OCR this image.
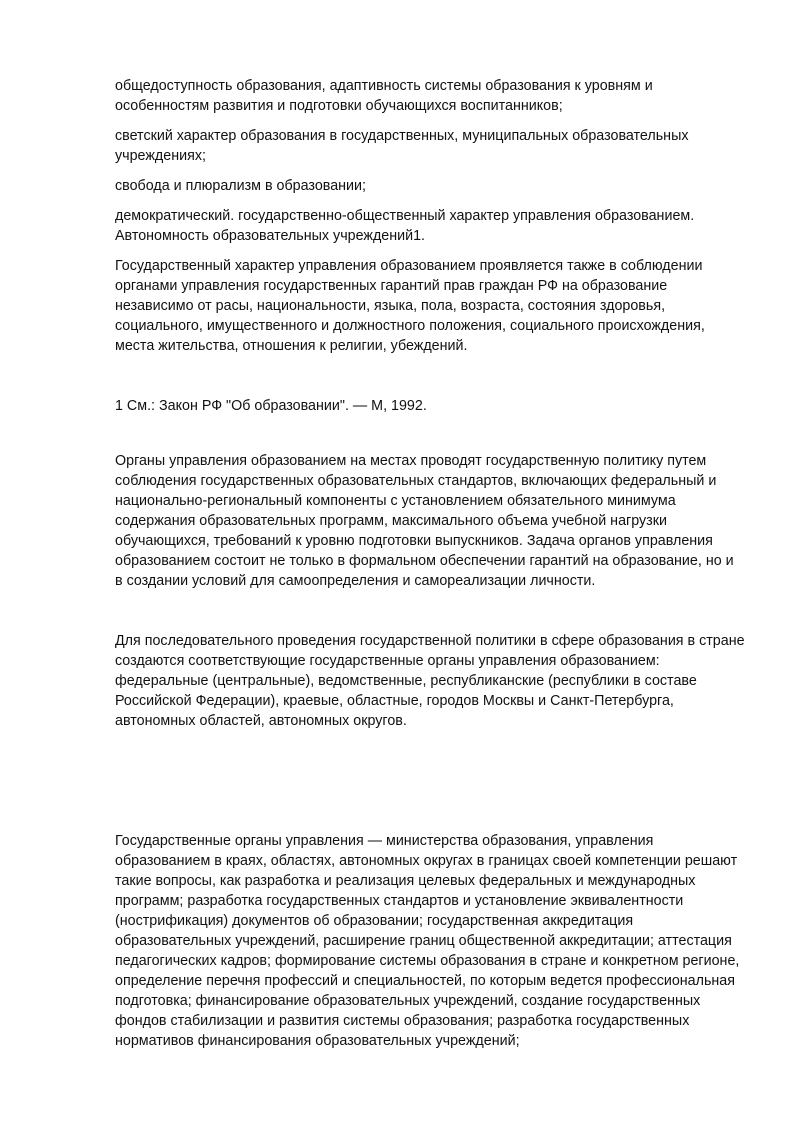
общедоступность образования, адаптивность системы образования к уровням и особенностям развития и подготовки обучающихся воспитанников;

светский характер образования в государственных, муниципальных образовательных учреждениях;

свобода и плюрализм в образовании;

демократический. государственно-общественный характер управления образованием. Автономность образовательных учреждений1.

Государственный характер управления образованием проявляется также в соблюдении органами управления государственных гарантий прав граждан РФ на образование независимо от расы, национальности, языка, пола, возраста, состояния здоровья, социального, имущественного и должностного положения, социального происхождения, места жительства, отношения к религии, убеждений.

1 См.: Закон РФ "Об образовании". — М, 1992.

Органы управления образованием на местах проводят государственную политику путем соблюдения государственных образовательных стандартов, включающих федеральный и национально-региональный компоненты с установлением обязательного минимума содержания образовательных программ, максимального объема учебной нагрузки обучающихся, требований к уровню подготовки выпускников. Задача органов управления образованием состоит не только в формальном обеспечении гарантий на образование, но и в создании условий для самоопределения и самореализации личности.

Для последовательного проведения государственной политики в сфере образования в стране создаются соответствующие государственные органы управления образованием: федеральные (центральные), ведомственные, республиканские (республики в составе Российской Федерации), краевые, областные, городов Москвы и Санкт-Петербурга, автономных областей, автономных округов.

Государственные органы управления — министерства образования, управления образованием в краях, областях, автономных округах в границах своей компетенции решают такие вопросы, как разработка и реализация целевых федеральных и международных программ; разработка государственных стандартов и установление эквивалентности (нострификация) документов об образовании; государственная аккредитация образовательных учреждений, расширение границ общественной аккредитации; аттестация педагогических кадров; формирование системы образования в стране и конкретном регионе, определение перечня профессий и специальностей, по которым ведется профессиональная подготовка; финансирование образовательных учреждений, создание государственных фондов стабилизации и развития системы образования; разработка государственных нормативов финансирования образовательных учреждений;
